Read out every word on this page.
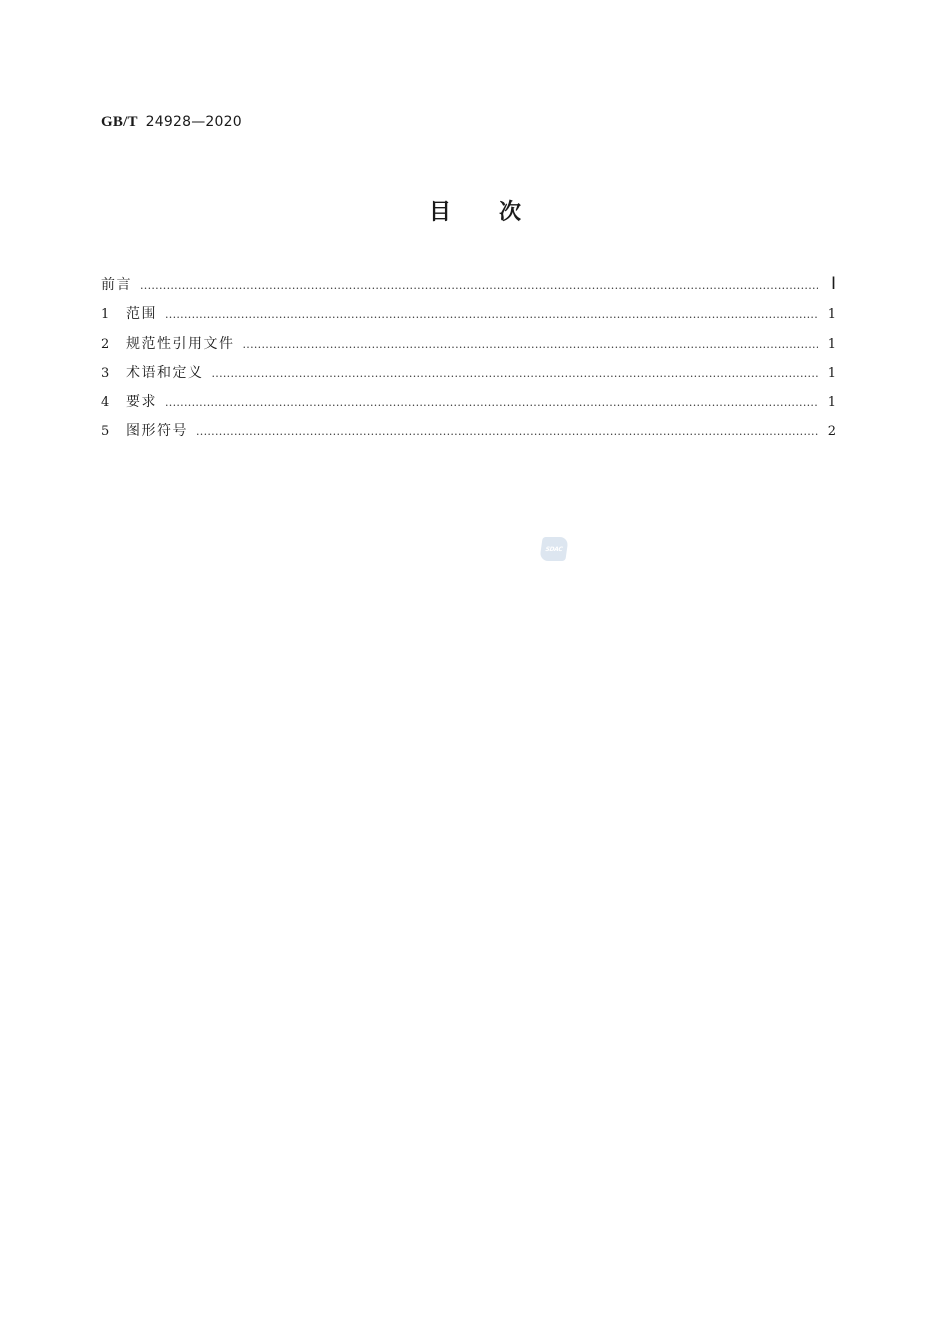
GB/T 24928—2020
目次
前言 .....	Ⅰ
1	范围 .....	1
2	规范性引用文件 .....	1
3	术语和定义 .....	1
4	要求 .....	1
5	图形符号 .....	2
SDAC
